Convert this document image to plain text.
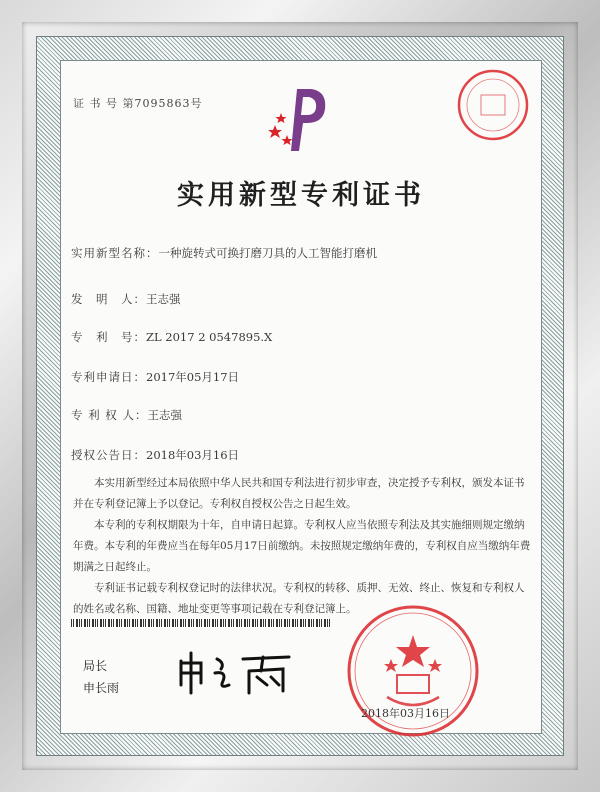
证 书 号 第7095863号
实用新型专利证书
实用新型名称：一种旋转式可换打磨刀具的人工智能打磨机
发　明　人：王志强
专　利　号：ZL 2017 2 0547895.X
专利申请日：2017年05月17日
专 利 权 人：王志强
授权公告日：2018年03月16日

本实用新型经过本局依照中华人民共和国专利法进行初步审查，决定授予专利权，颁发本证书并在专利登记簿上予以登记。专利权自授权公告之日起生效。

本专利的专利权期限为十年，自申请日起算。专利权人应当依照专利法及其实施细则规定缴纳年费。本专利的年费应当在每年05月17日前缴纳。未按照规定缴纳年费的，专利权自应当缴纳年费期满之日起终止。

专利证书记载专利权登记时的法律状况。专利权的转移、质押、无效、终止、恢复和专利权人的姓名或名称、国籍、地址变更等事项记载在专利登记簿上。

局长
申长雨
2018年03月16日
